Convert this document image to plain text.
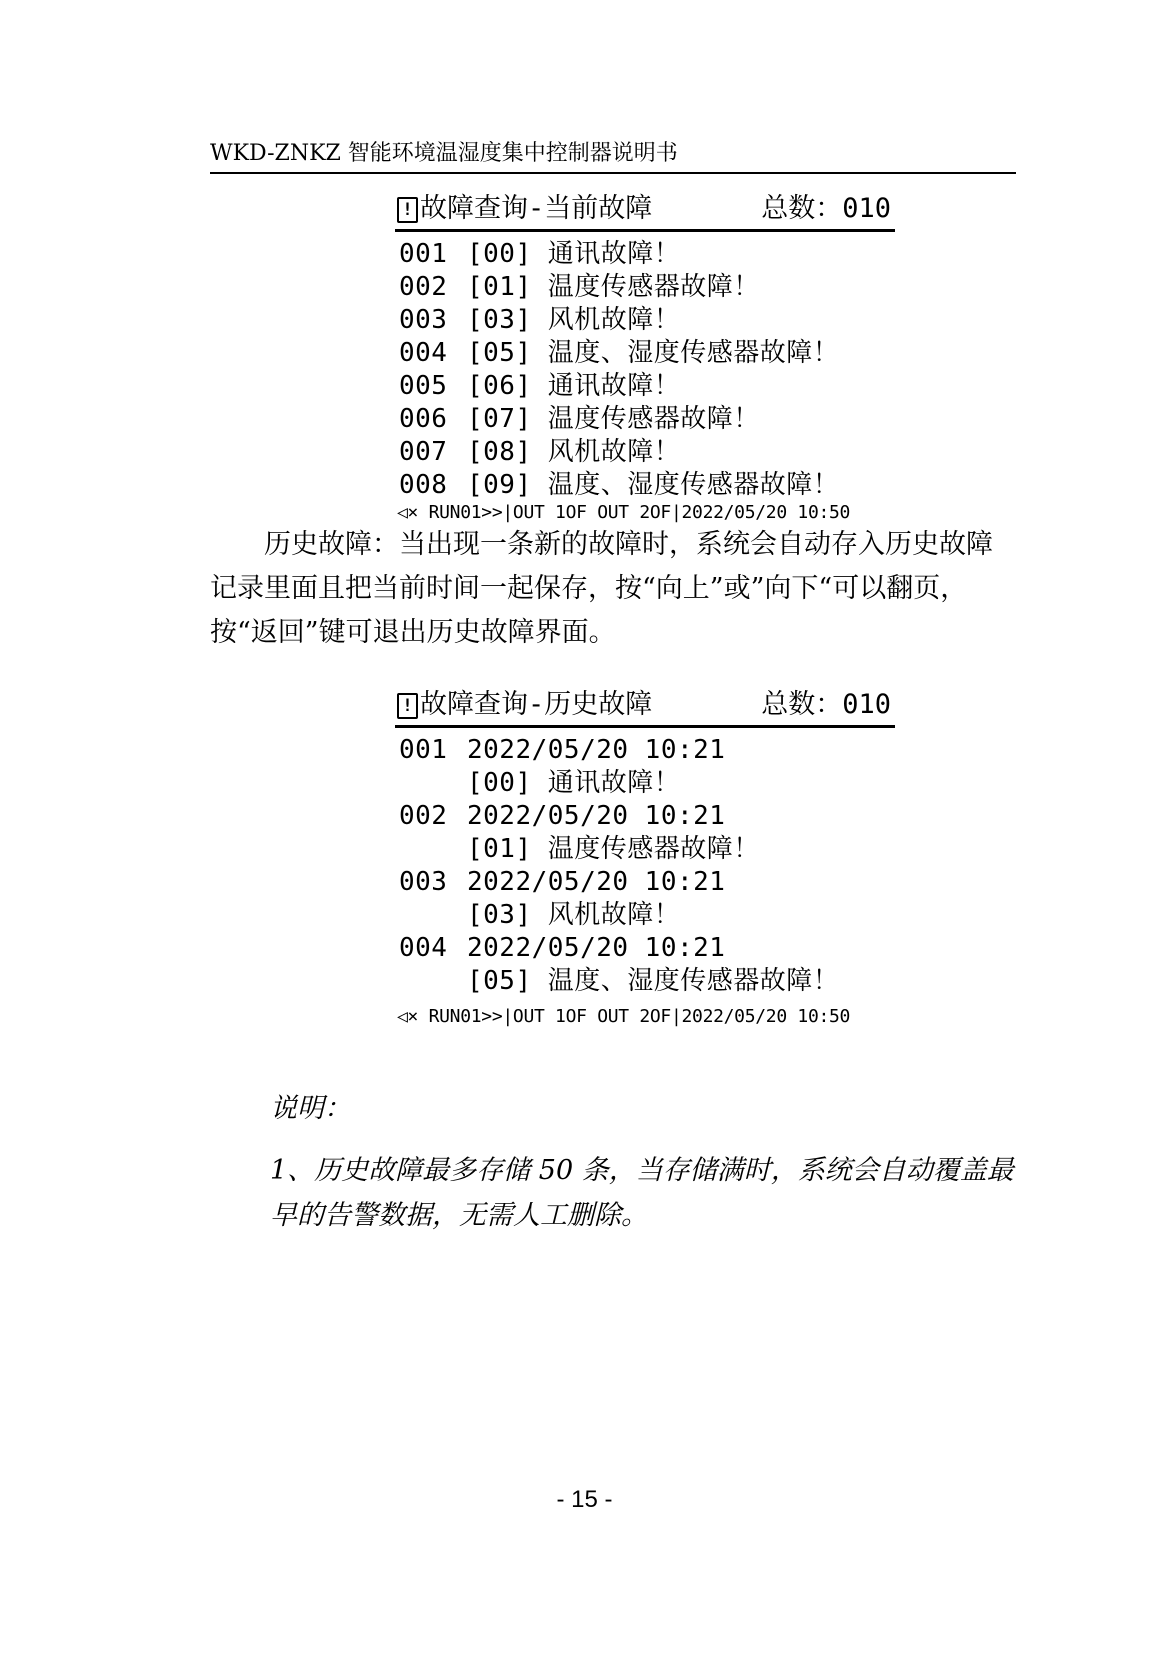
WKD-ZNKZ 智能环境温湿度集中控制器说明书
! 故障查询-当前故障	总数：010
001 [00] 通讯故障！
002 [01] 温度传感器故障！
003 [03] 风机故障！
004 [05] 温度、湿度传感器故障！
005 [06] 通讯故障！
006 [07] 温度传感器故障！
007 [08] 风机故障！
008 [09] 温度、湿度传感器故障！
◁× RUN01>>|OUT 1OF OUT 2OF|2022/05/20 10:50
历史故障：当出现一条新的故障时，系统会自动存入历史故障记录里面且把当前时间一起保存，按“向上”或”向下“可以翻页，按“返回”键可退出历史故障界面。
! 故障查询-历史故障	总数：010
001 2022/05/20 10:21
[00] 通讯故障！
002 2022/05/20 10:21
[01] 温度传感器故障！
003 2022/05/20 10:21
[03] 风机故障！
004 2022/05/20 10:21
[05] 温度、湿度传感器故障！
◁× RUN01>>|OUT 1OF OUT 2OF|2022/05/20 10:50
说明：
1、历史故障最多存储 50 条，当存储满时，系统会自动覆盖最早的告警数据，无需人工删除。
- 15 -
